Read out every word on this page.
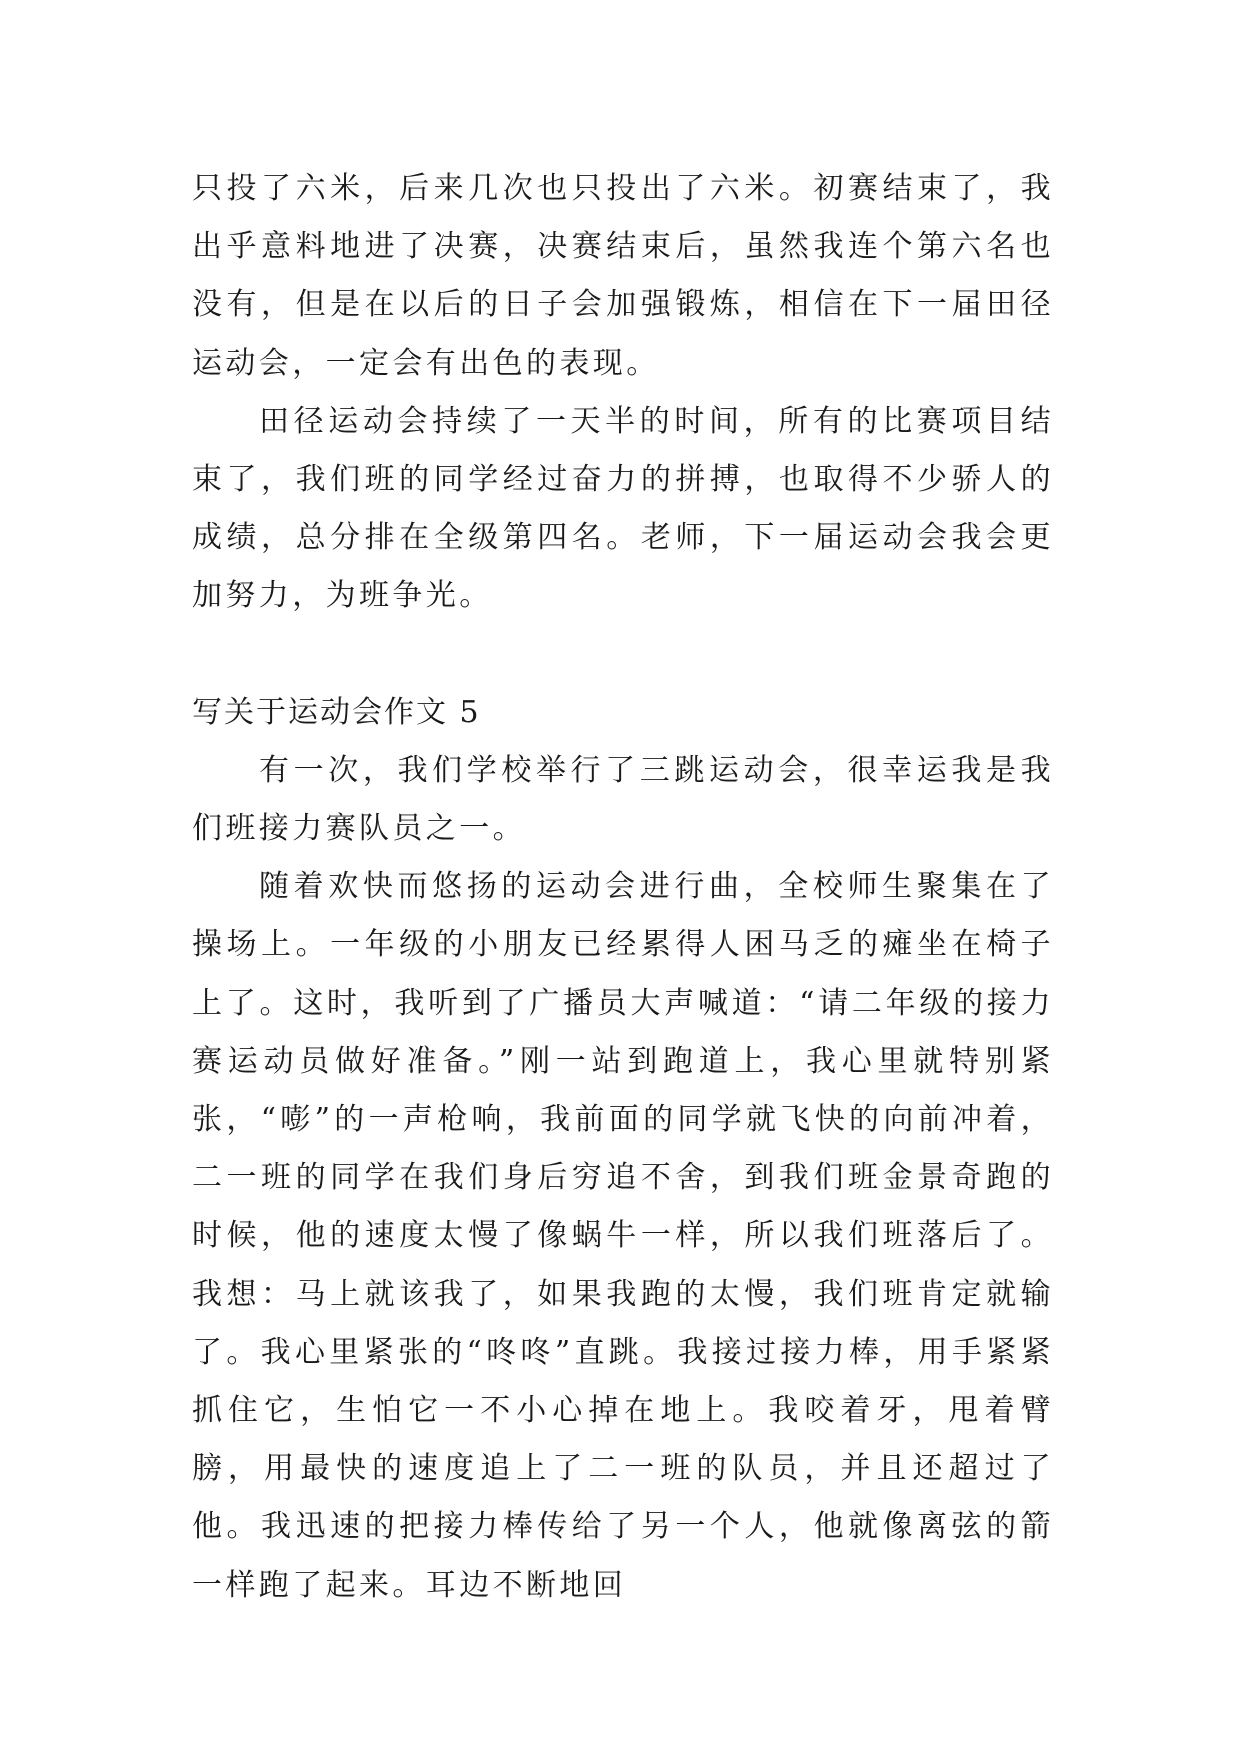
只投了六米，后来几次也只投出了六米。初赛结束了，我出乎意料地进了决赛，决赛结束后，虽然我连个第六名也没有，但是在以后的日子会加强锻炼，相信在下一届田径运动会，一定会有出色的表现。

田径运动会持续了一天半的时间，所有的比赛项目结束了，我们班的同学经过奋力的拼搏，也取得不少骄人的成绩，总分排在全级第四名。老师，下一届运动会我会更加努力，为班争光。

写关于运动会作文 5

有一次，我们学校举行了三跳运动会，很幸运我是我们班接力赛队员之一。

随着欢快而悠扬的运动会进行曲，全校师生聚集在了操场上。一年级的小朋友已经累得人困马乏的瘫坐在椅子上了。这时，我听到了广播员大声喊道：“请二年级的接力赛运动员做好准备。”刚一站到跑道上，我心里就特别紧张，“嘭”的一声枪响，我前面的同学就飞快的向前冲着，二一班的同学在我们身后穷追不舍，到我们班金景奇跑的时候，他的速度太慢了像蜗牛一样，所以我们班落后了。我想：马上就该我了，如果我跑的太慢，我们班肯定就输了。我心里紧张的“咚咚”直跳。我接过接力棒，用手紧紧抓住它，生怕它一不小心掉在地上。我咬着牙，甩着臂膀，用最快的速度追上了二一班的队员，并且还超过了他。我迅速的把接力棒传给了另一个人，他就像离弦的箭一样跑了起来。耳边不断地回
